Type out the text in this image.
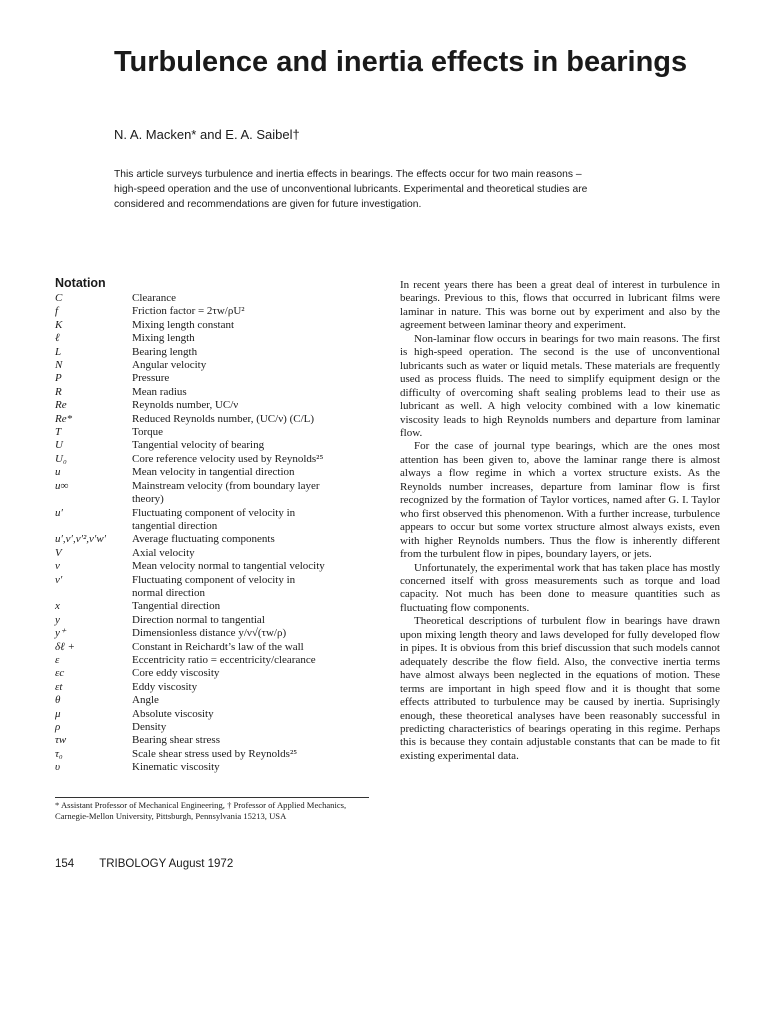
Turbulence and inertia effects in bearings
N. A. Macken* and E. A. Saibel†

This article surveys turbulence and inertia effects in bearings. The effects occur for two main reasons – high-speed operation and the use of unconventional lubricants. Experimental and theoretical studies are considered and recommendations are given for future investigation.

Notation
C	Clearance
f	Friction factor = 2τw/ρU²
K	Mixing length constant
ℓ	Mixing length
L	Bearing length
N	Angular velocity
P	Pressure
R	Mean radius
Re	Reynolds number, UC/ν
Re*	Reduced Reynolds number, (UC/ν) (C/L)
T	Torque
U	Tangential velocity of bearing
U₀	Core reference velocity used by Reynolds²⁵
u	Mean velocity in tangential direction
u∞	Mainstream velocity (from boundary layer
theory)
u′	Fluctuating component of velocity in
tangential direction
u′,v′,v′²,v′w′	Average fluctuating components
V	Axial velocity
v	Mean velocity normal to tangential velocity
v′	Fluctuating component of velocity in
normal direction
x	Tangential direction
y	Direction normal to tangential
y⁺	Dimensionless distance y/ν√(τw/ρ)
δℓ +	Constant in Reichardt’s law of the wall
ε	Eccentricity ratio = eccentricity/clearance
εc	Core eddy viscosity
εt	Eddy viscosity
θ	Angle
μ	Absolute viscosity
ρ	Density
τw	Bearing shear stress
τ₀	Scale shear stress used by Reynolds²⁵
υ	Kinematic viscosity

* Assistant Professor of Mechanical Engineering, † Professor of Applied Mechanics, Carnegie-Mellon University, Pittsburgh, Pennsylvania 15213, USA

In recent years there has been a great deal of interest in turbulence in bearings. Previous to this, flows that occurred in lubricant films were laminar in nature. This was borne out by experiment and also by the agreement between laminar theory and experiment.

Non-laminar flow occurs in bearings for two main reasons. The first is high-speed operation. The second is the use of unconventional lubricants such as water or liquid metals. These materials are frequently used as process fluids. The need to simplify equipment design or the difficulty of overcoming shaft sealing problems lead to their use as lubricant as well. A high velocity combined with a low kinematic viscosity leads to high Reynolds numbers and departure from laminar flow.

For the case of journal type bearings, which are the ones most attention has been given to, above the laminar range there is almost always a flow regime in which a vortex structure exists. As the Reynolds number increases, departure from laminar flow is first recognized by the formation of Taylor vortices, named after G. I. Taylor who first observed this phenomenon. With a further increase, turbulence appears to occur but some vortex structure almost always exists, even with higher Reynolds numbers. Thus the flow is inherently different from the turbulent flow in pipes, boundary layers, or jets.

Unfortunately, the experimental work that has taken place has mostly concerned itself with gross measurements such as torque and load capacity. Not much has been done to measure quantities such as fluctuating flow components.

Theoretical descriptions of turbulent flow in bearings have drawn upon mixing length theory and laws developed for fully developed flow in pipes. It is obvious from this brief discussion that such models cannot adequately describe the flow field. Also, the convective inertia terms have almost always been neglected in the equations of motion. These terms are important in high speed flow and it is thought that some effects attributed to turbulence may be caused by inertia. Suprisingly enough, these theoretical analyses have been reasonably successful in predicting characteristics of bearings operating in this regime. Perhaps this is because they contain adjustable constants that can be made to fit existing experimental data.

154 TRIBOLOGY August 1972
